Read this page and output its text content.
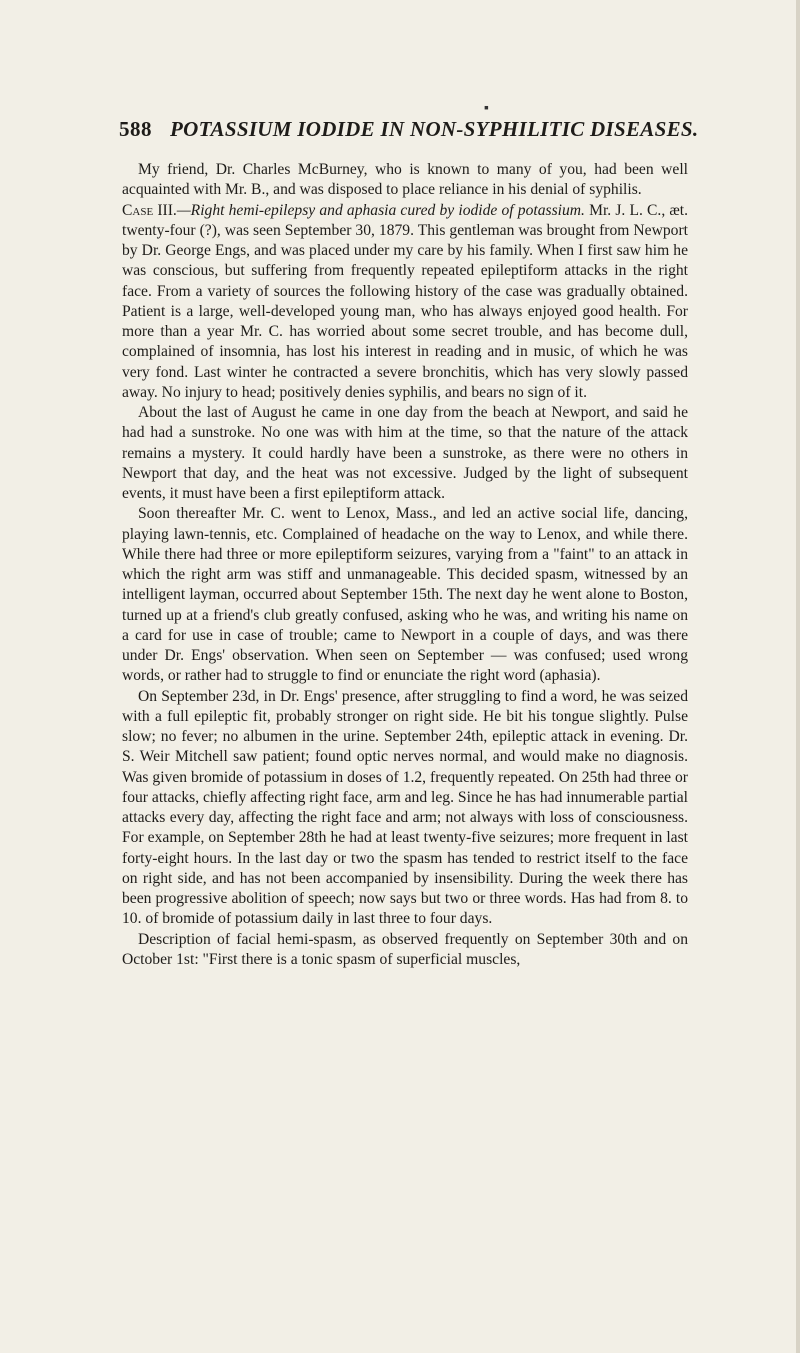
▪
588 POTASSIUM IODIDE IN NON-SYPHILITIC DISEASES.

My friend, Dr. Charles McBurney, who is known to many of you, had been well acquainted with Mr. B., and was disposed to place reliance in his denial of syphilis.

Case III.—Right hemi-epilepsy and aphasia cured by iodide of potassium. Mr. J. L. C., æt. twenty-four (?), was seen September 30, 1879. This gentleman was brought from Newport by Dr. George Engs, and was placed under my care by his family. When I first saw him he was conscious, but suffering from frequently repeated epileptiform attacks in the right face. From a variety of sources the following history of the case was gradually obtained. Patient is a large, well-developed young man, who has always enjoyed good health. For more than a year Mr. C. has worried about some secret trouble, and has become dull, complained of insomnia, has lost his interest in reading and in music, of which he was very fond. Last winter he contracted a severe bronchitis, which has very slowly passed away. No injury to head; positively denies syphilis, and bears no sign of it.

About the last of August he came in one day from the beach at Newport, and said he had had a sunstroke. No one was with him at the time, so that the nature of the attack remains a mystery. It could hardly have been a sunstroke, as there were no others in Newport that day, and the heat was not excessive. Judged by the light of subsequent events, it must have been a first epileptiform attack.

Soon thereafter Mr. C. went to Lenox, Mass., and led an active social life, dancing, playing lawn-tennis, etc. Complained of headache on the way to Lenox, and while there. While there had three or more epileptiform seizures, varying from a "faint" to an attack in which the right arm was stiff and unmanageable. This decided spasm, witnessed by an intelligent layman, occurred about September 15th. The next day he went alone to Boston, turned up at a friend's club greatly confused, asking who he was, and writing his name on a card for use in case of trouble; came to Newport in a couple of days, and was there under Dr. Engs' observation. When seen on September — was confused; used wrong words, or rather had to struggle to find or enunciate the right word (aphasia).

On September 23d, in Dr. Engs' presence, after struggling to find a word, he was seized with a full epileptic fit, probably stronger on right side. He bit his tongue slightly. Pulse slow; no fever; no albumen in the urine. September 24th, epileptic attack in evening. Dr. S. Weir Mitchell saw patient; found optic nerves normal, and would make no diagnosis. Was given bromide of potassium in doses of 1.2, frequently repeated. On 25th had three or four attacks, chiefly affecting right face, arm and leg. Since he has had innumerable partial attacks every day, affecting the right face and arm; not always with loss of consciousness. For example, on September 28th he had at least twenty-five seizures; more frequent in last forty-eight hours. In the last day or two the spasm has tended to restrict itself to the face on right side, and has not been accompanied by insensibility. During the week there has been progressive abolition of speech; now says but two or three words. Has had from 8. to 10. of bromide of potassium daily in last three to four days.

Description of facial hemi-spasm, as observed frequently on September 30th and on October 1st: "First there is a tonic spasm of superficial muscles,
